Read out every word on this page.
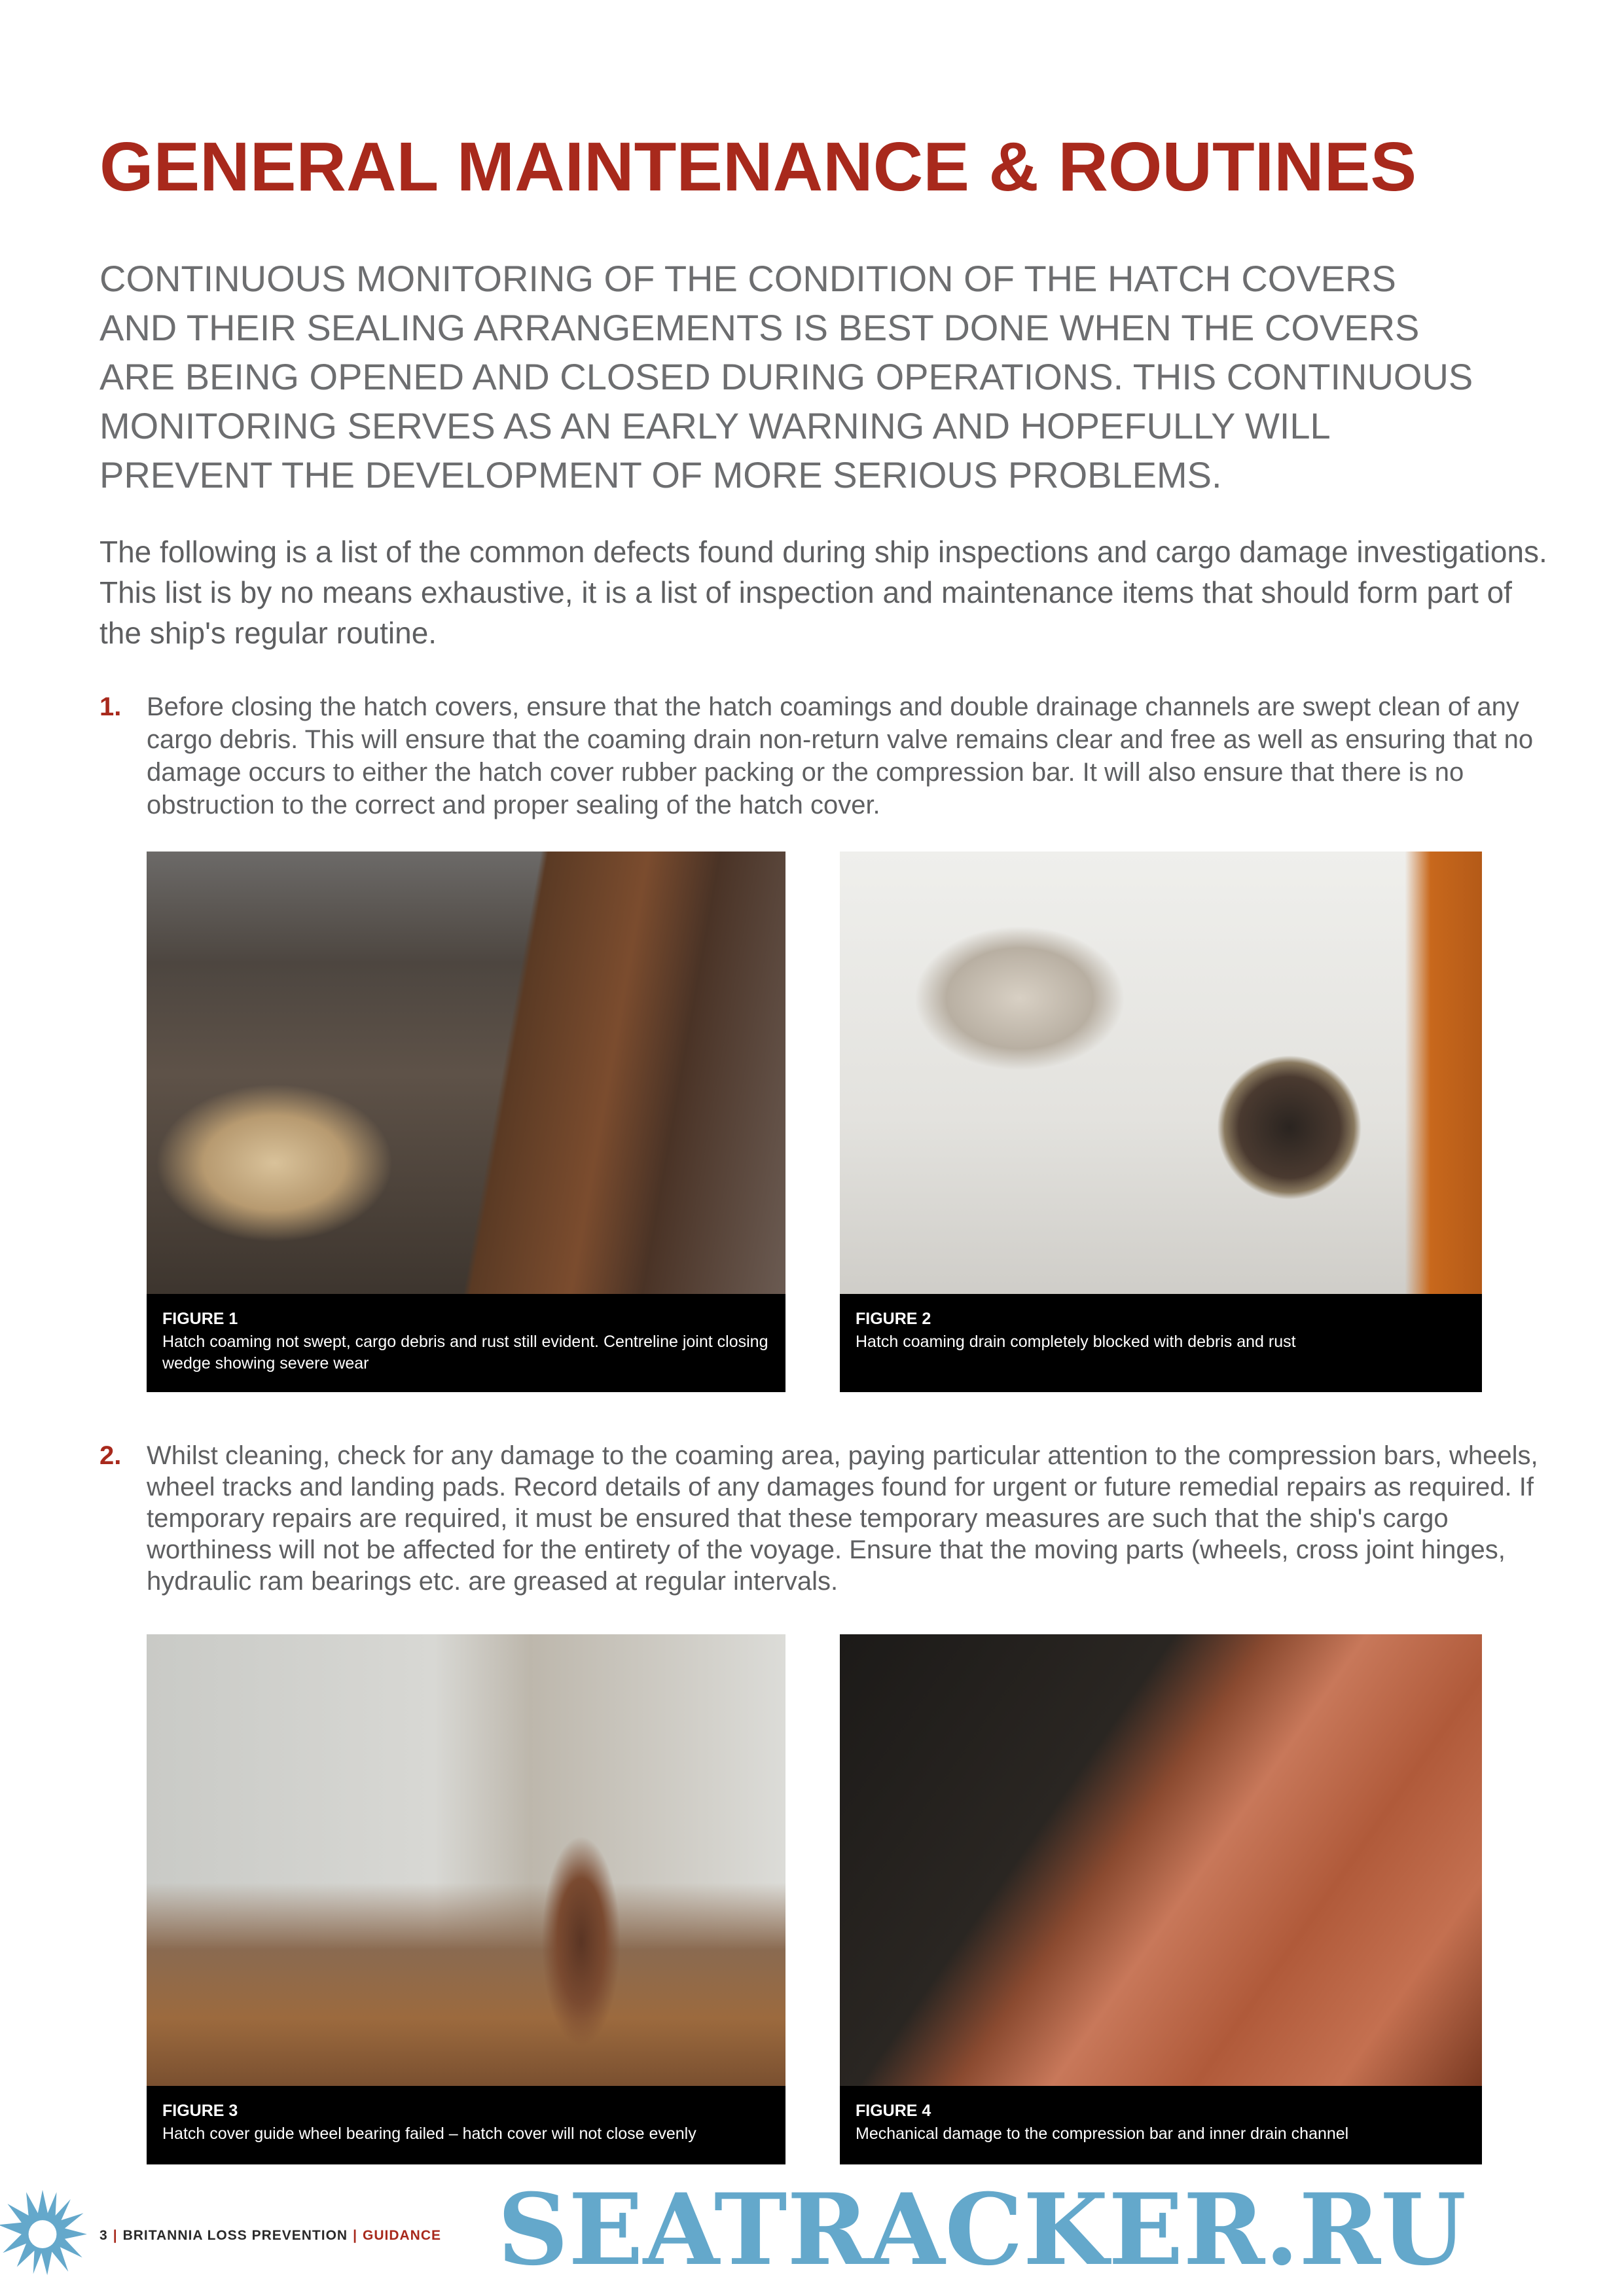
GENERAL MAINTENANCE & ROUTINES
CONTINUOUS MONITORING OF THE CONDITION OF THE HATCH COVERS
AND THEIR SEALING ARRANGEMENTS IS BEST DONE WHEN THE COVERS
ARE BEING OPENED AND CLOSED DURING OPERATIONS. THIS CONTINUOUS
MONITORING SERVES AS AN EARLY WARNING AND HOPEFULLY WILL
PREVENT THE DEVELOPMENT OF MORE SERIOUS PROBLEMS.
The following is a list of the common defects found during ship inspections and cargo damage investigations. This list is by no means exhaustive, it is a list of inspection and maintenance items that should form part of the ship's regular routine.
1. Before closing the hatch covers, ensure that the hatch coamings and double drainage channels are swept clean of any cargo debris. This will ensure that the coaming drain non-return valve remains clear and free as well as ensuring that no damage occurs to either the hatch cover rubber packing or the compression bar. It will also ensure that there is no obstruction to the correct and proper sealing of the hatch cover.
FIGURE 1
Hatch coaming not swept, cargo debris and rust still evident. Centreline joint closing wedge showing severe wear
FIGURE 2
Hatch coaming drain completely blocked with debris and rust
2. Whilst cleaning, check for any damage to the coaming area, paying particular attention to the compression bars, wheels, wheel tracks and landing pads. Record details of any damages found for urgent or future remedial repairs as required. If temporary repairs are required, it must be ensured that these temporary measures are such that the ship's cargo worthiness will not be affected for the entirety of the voyage. Ensure that the moving parts (wheels, cross joint hinges, hydraulic ram bearings etc. are greased at regular intervals.
FIGURE 3
Hatch cover guide wheel bearing failed – hatch cover will not close evenly
FIGURE 4
Mechanical damage to the compression bar and inner drain channel
SEATRACKER.RU
3 | BRITANNIA LOSS PREVENTION | GUIDANCE
